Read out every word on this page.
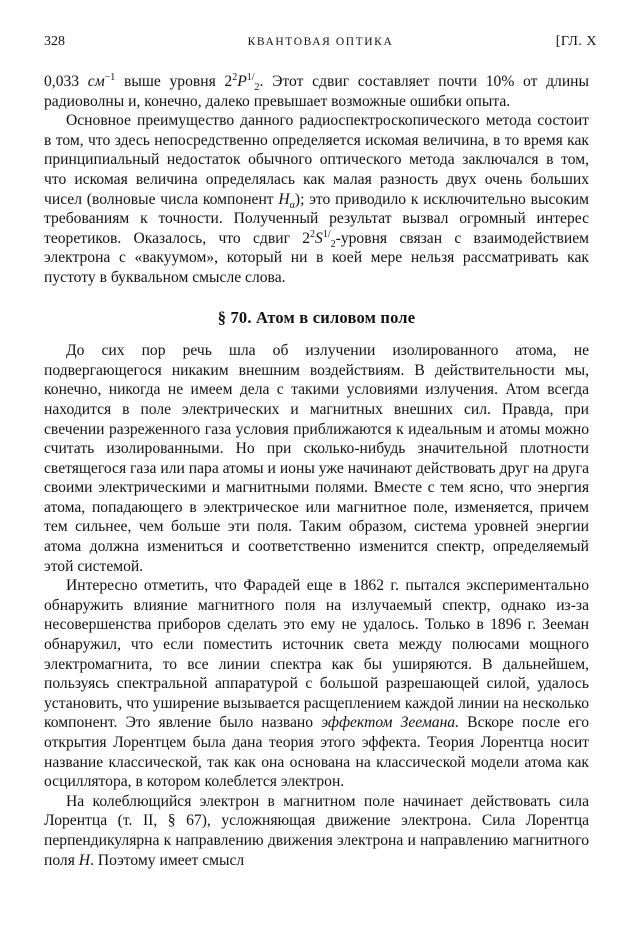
328	КВАНТОВАЯ ОПТИКА	[ГЛ. X

0,033 $см^{-1}$ выше уровня $2^2P^{1/}_2$. Этот сдвиг составляет почти 10% от длины радиоволны и, конечно, далеко превышает возможные ошибки опыта.

Основное преимущество данного радиоспектроскопического метода состоит в том, что здесь непосредственно определяется искомая величина, в то время как принципиальный недостаток обычного оптического метода заключался в том, что искомая величина определялась как малая разность двух очень больших чисел (волновые числа компонент $H_\alpha$); это приводило к исключительно высоким требованиям к точности. Полученный результат вызвал огромный интерес теоретиков. Оказалось, что сдвиг $2^2S^{1/}_2$-уровня связан с взаимодействием электрона с «вакуумом», который ни в коей мере нельзя рассматривать как пустоту в буквальном смысле слова.

§ 70. Атом в силовом поле

До сих пор речь шла об излучении изолированного атома, не подвергающегося никаким внешним воздействиям. В действительности мы, конечно, никогда не имеем дела с такими условиями излучения. Атом всегда находится в поле электрических и магнитных внешних сил. Правда, при свечении разреженного газа условия приближаются к идеальным и атомы можно считать изолированными. Но при сколько-нибудь значительной плотности светящегося газа или пара атомы и ионы уже начинают действовать друг на друга своими электрическими и магнитными полями. Вместе с тем ясно, что энергия атома, попадающего в электрическое или магнитное поле, изменяется, причем тем сильнее, чем больше эти поля. Таким образом, система уровней энергии атома должна измениться и соответственно изменится спектр, определяемый этой системой.

Интересно отметить, что Фарадей еще в 1862 г. пытался экспериментально обнаружить влияние магнитного поля на излучаемый спектр, однако из-за несовершенства приборов сделать это ему не удалось. Только в 1896 г. Зееман обнаружил, что если поместить источник света между полюсами мощного электромагнита, то все линии спектра как бы уширяются. В дальнейшем, пользуясь спектральной аппаратурой с большой разрешающей силой, удалось установить, что уширение вызывается расщеплением каждой линии на несколько компонент. Это явление было названо эффектом Зеемана. Вскоре после его открытия Лорентцем была дана теория этого эффекта. Теория Лорентца носит название классической, так как она основана на классической модели атома как осциллятора, в котором колеблется электрон.

На колеблющийся электрон в магнитном поле начинает действовать сила Лорентца (т. II, § 67), усложняющая движение электрона. Сила Лорентца перпендикулярна к направлению движения электрона и направлению магнитного поля H. Поэтому имеет смысл
